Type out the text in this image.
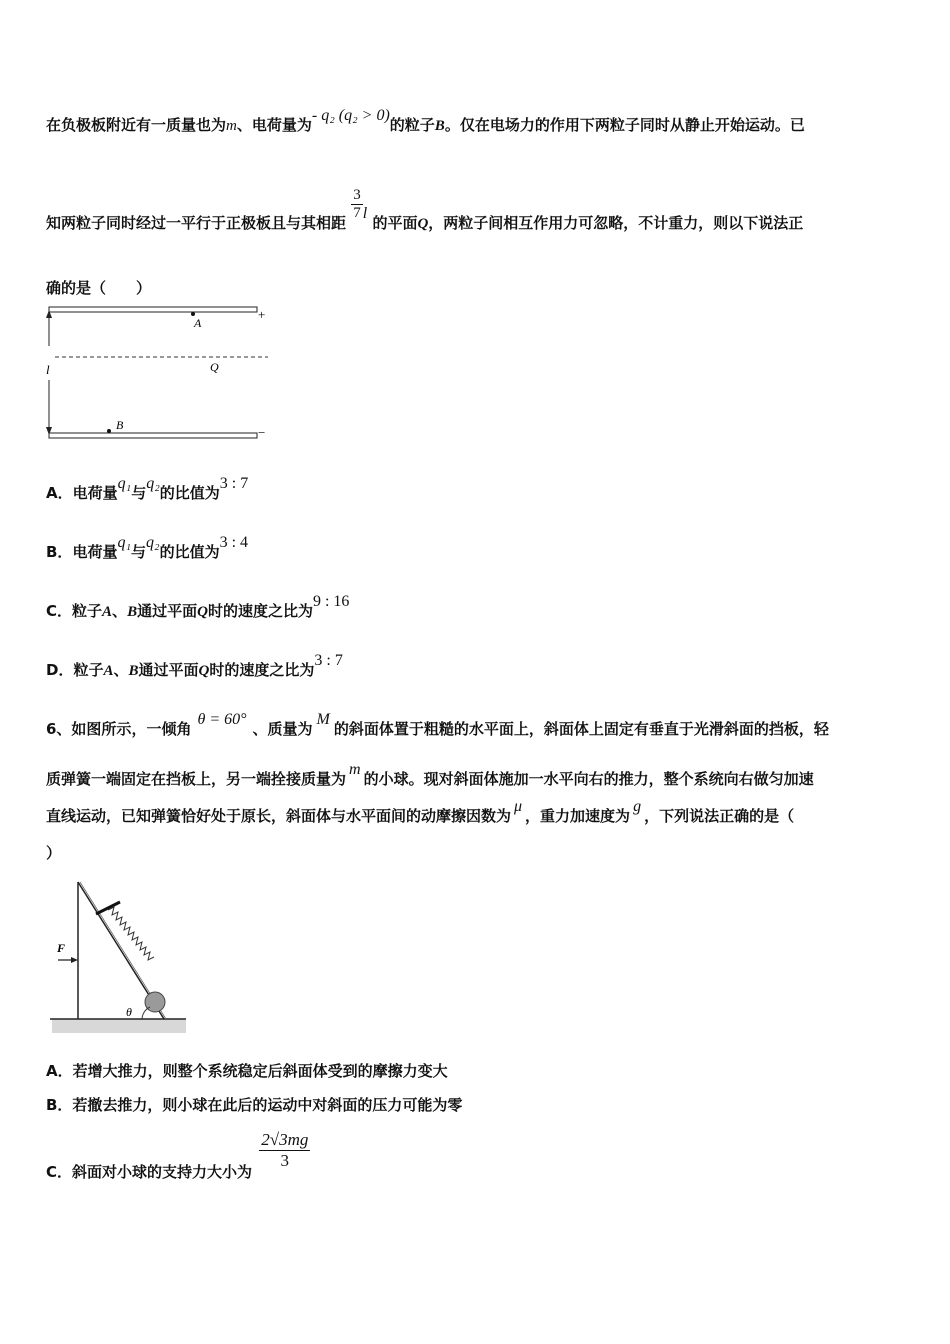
在负极板附近有一质量也为m、电荷量为- q₂ (q₂ > 0)的粒子B。仅在电场力的作用下两粒子同时从静止开始运动。已
知两粒子同时经过一平行于正极板且与其相距
$\frac{3}{7}$ l 的平面Q，两粒子间相互作用力可忽略，不计重力，则以下说法正
确的是（　　）
+
A
Q
l
−
B
A．电荷量q₁与q₂的比值为3 : 7
B．电荷量q₁与q₂的比值为3 : 4
C．粒子A、B通过平面Q时的速度之比为9 : 16
D．粒子A、B通过平面Q时的速度之比为3 : 7
6、如图所示，一倾角θ = 60°、质量为M的斜面体置于粗糙的水平面上，斜面体上固定有垂直于光滑斜面的挡板，轻
质弹簧一端固定在挡板上，另一端拴接质量为m的小球。现对斜面体施加一水平向右的推力，整个系统向右做匀加速
直线运动，已知弹簧恰好处于原长，斜面体与水平面间的动摩擦因数为μ，重力加速度为g，下列说法正确的是（
）
θ
F
A．若增大推力，则整个系统稳定后斜面体受到的摩擦力变大
B．若撤去推力，则小球在此后的运动中对斜面的压力可能为零
C．斜面对小球的支持力大小为
$\frac{2√3mg}{3}$
